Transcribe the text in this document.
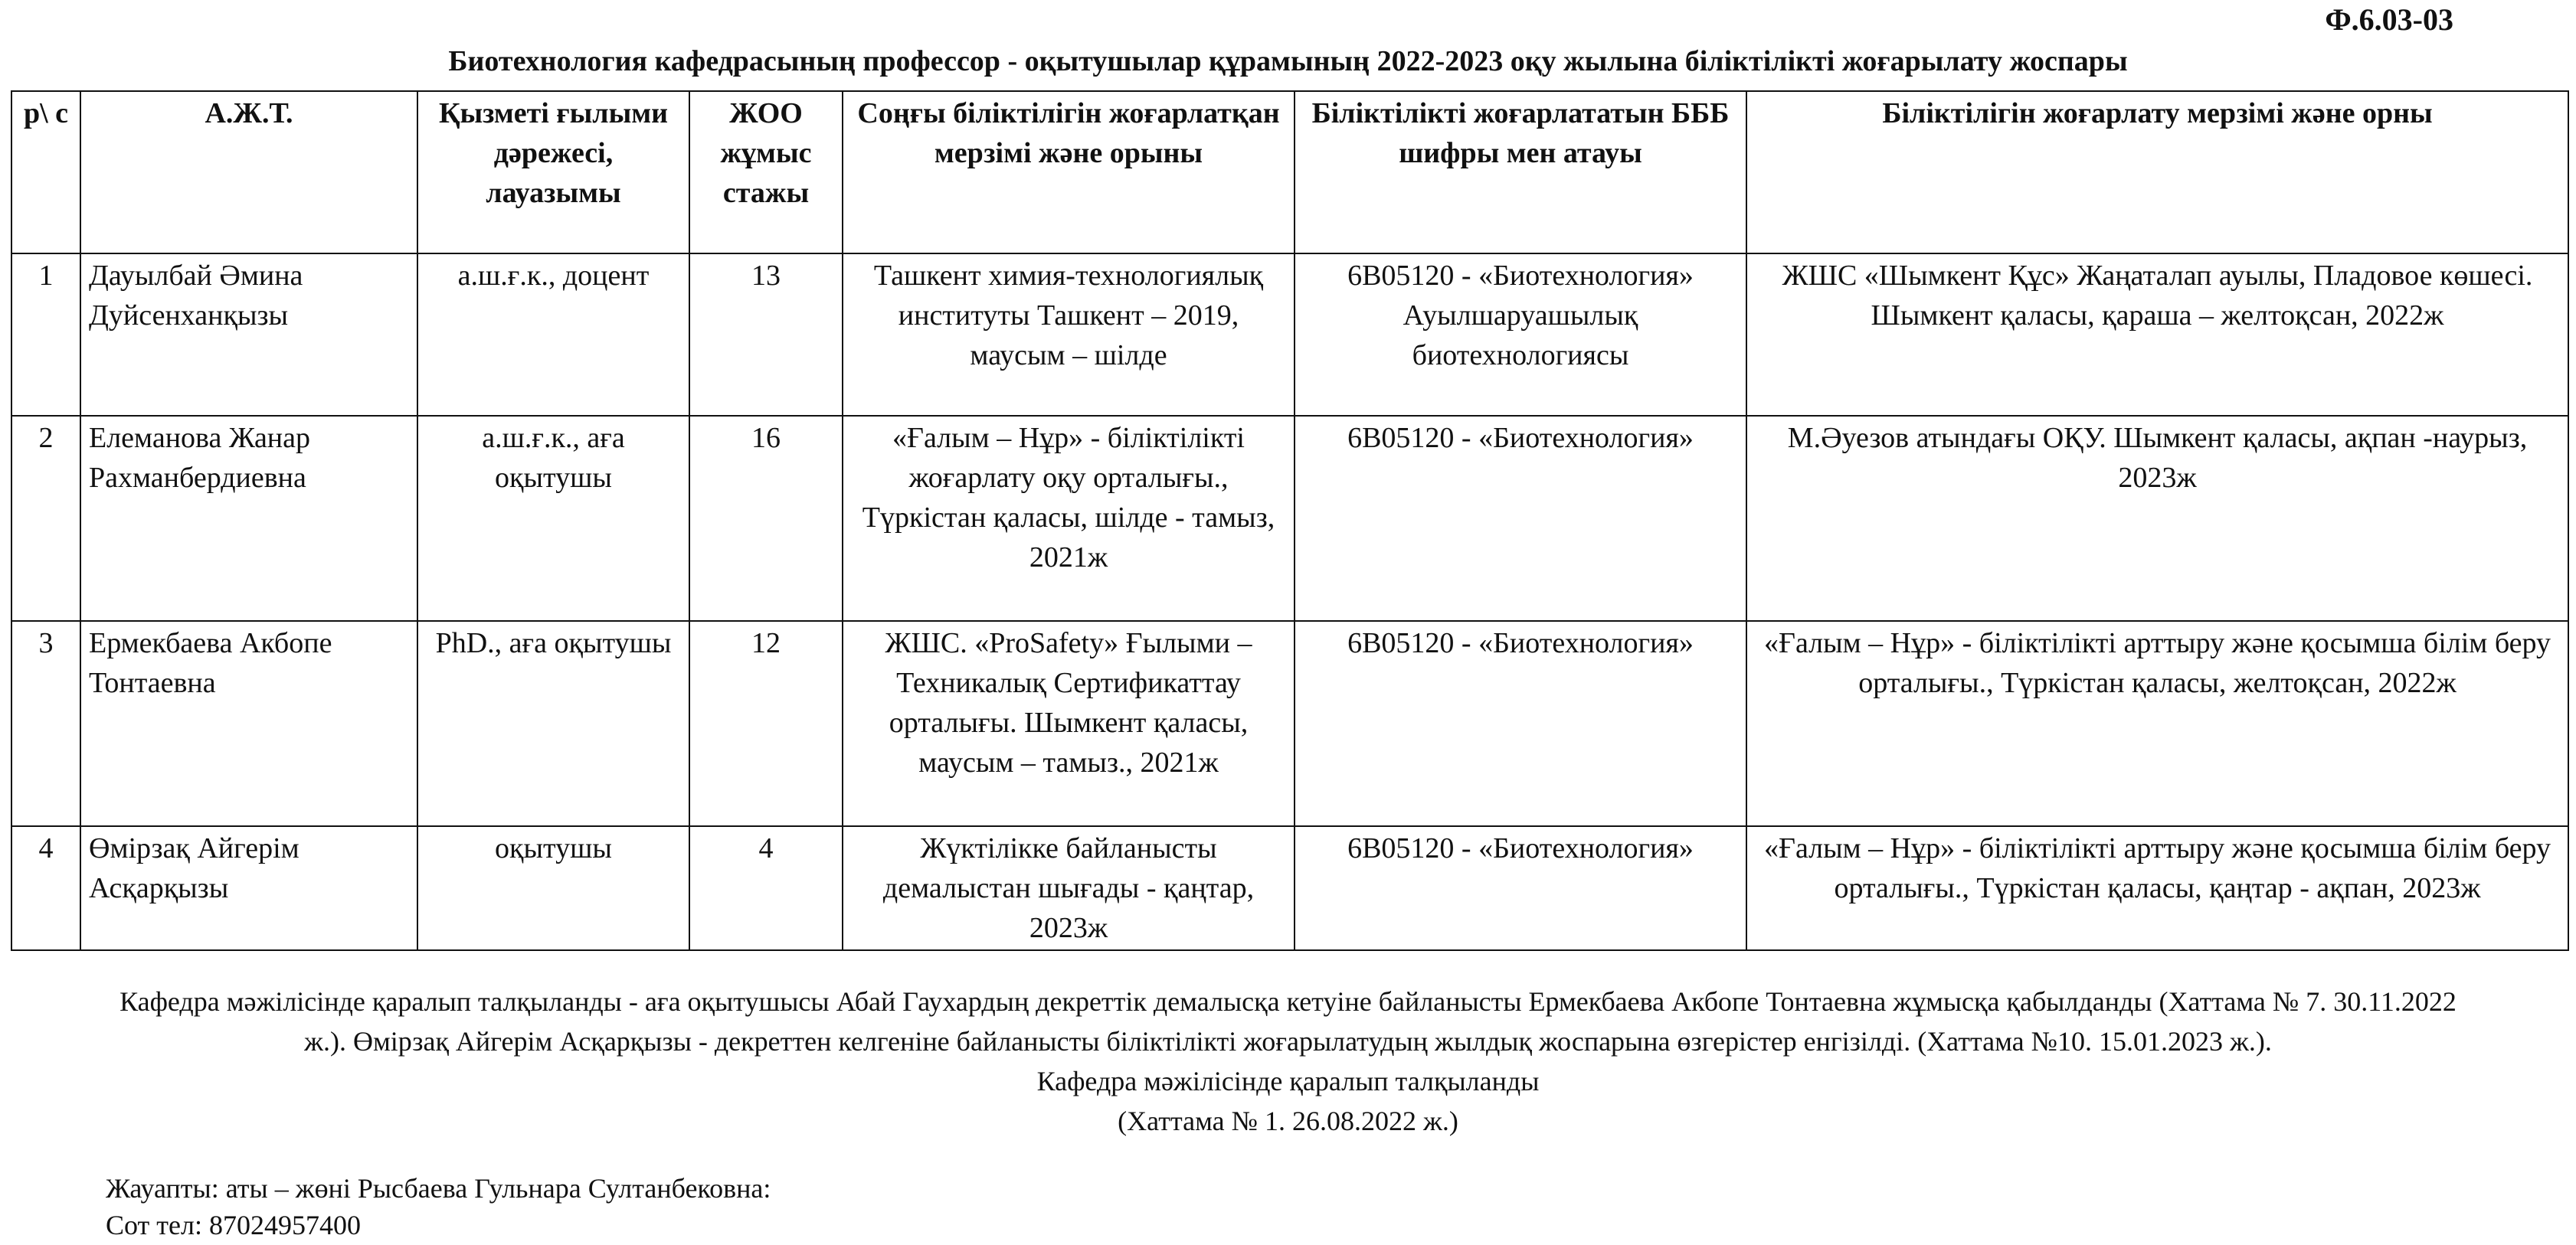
Ф.6.03-03
Биотехнология кафедрасының профессор - оқытушылар құрамының 2022-2023 оқу жылына біліктілікті жоғарылату жоспары
р\ с	А.Ж.Т.	Қызметі ғылыми дәрежесі, лауазымы	ЖОО жұмыс стажы	Соңғы біліктілігін жоғарлатқан мерзімі және орыны	Біліктілікті жоғарлататын БББ шифры мен атауы	Біліктілігін жоғарлату мерзімі және орны
1	Дауылбай Әмина Дуйсенханқызы	а.ш.ғ.к., доцент	13	Ташкент химия-технологиялық институты Ташкент – 2019, маусым – шілде	6В05120 - «Биотехнология» Ауылшаруашылық биотехнологиясы	ЖШС «Шымкент Құс» Жаңаталап ауылы, Пладовое көшесі. Шымкент қаласы, қараша – желтоқсан, 2022ж
2	Елеманова Жанар Рахманбердиевна	а.ш.ғ.к., аға оқытушы	16	«Ғалым – Нұр» - біліктілікті жоғарлату оқу орталығы., Түркістан қаласы, шілде - тамыз, 2021ж	6В05120 - «Биотехнология»	М.Әуезов атындағы ОҚУ. Шымкент қаласы, ақпан -наурыз, 2023ж
3	Ермекбаева Акбопе Тонтаевна	PhD., аға оқытушы	12	ЖШС. «ProSafety» Ғылыми – Техникалық Сертификаттау орталығы. Шымкент қаласы, маусым – тамыз., 2021ж	6В05120 - «Биотехнология»	«Ғалым – Нұр» - біліктілікті арттыру және қосымша білім беру орталығы., Түркістан қаласы, желтоқсан, 2022ж
4	Өмірзақ Айгерім Асқарқызы	оқытушы	4	Жүктілікке байланысты демалыстан шығады - қаңтар, 2023ж	6В05120 - «Биотехнология»	«Ғалым – Нұр» - біліктілікті арттыру және қосымша білім беру орталығы., Түркістан қаласы, қаңтар - ақпан, 2023ж

Кафедра мәжілісінде қаралып талқыланды - аға оқытушысы Абай Гаухардың декреттік демалысқа кетуіне байланысты Ермекбаева Акбопе Тонтаевна жұмысқа қабылданды (Хаттама № 7. 30.11.2022 ж.). Өмірзақ Айгерім Асқарқызы - декреттен келгеніне байланысты біліктілікті жоғарылатудың жылдық жоспарына өзгерістер енгізілді. (Хаттама №10. 15.01.2023 ж.).

Кафедра мәжілісінде қаралып талқыланды

(Хаттама № 1. 26.08.2022 ж.)

Жауапты: аты – жөні Рысбаева Гульнара Султанбековна:
Сот тел: 87024957400
